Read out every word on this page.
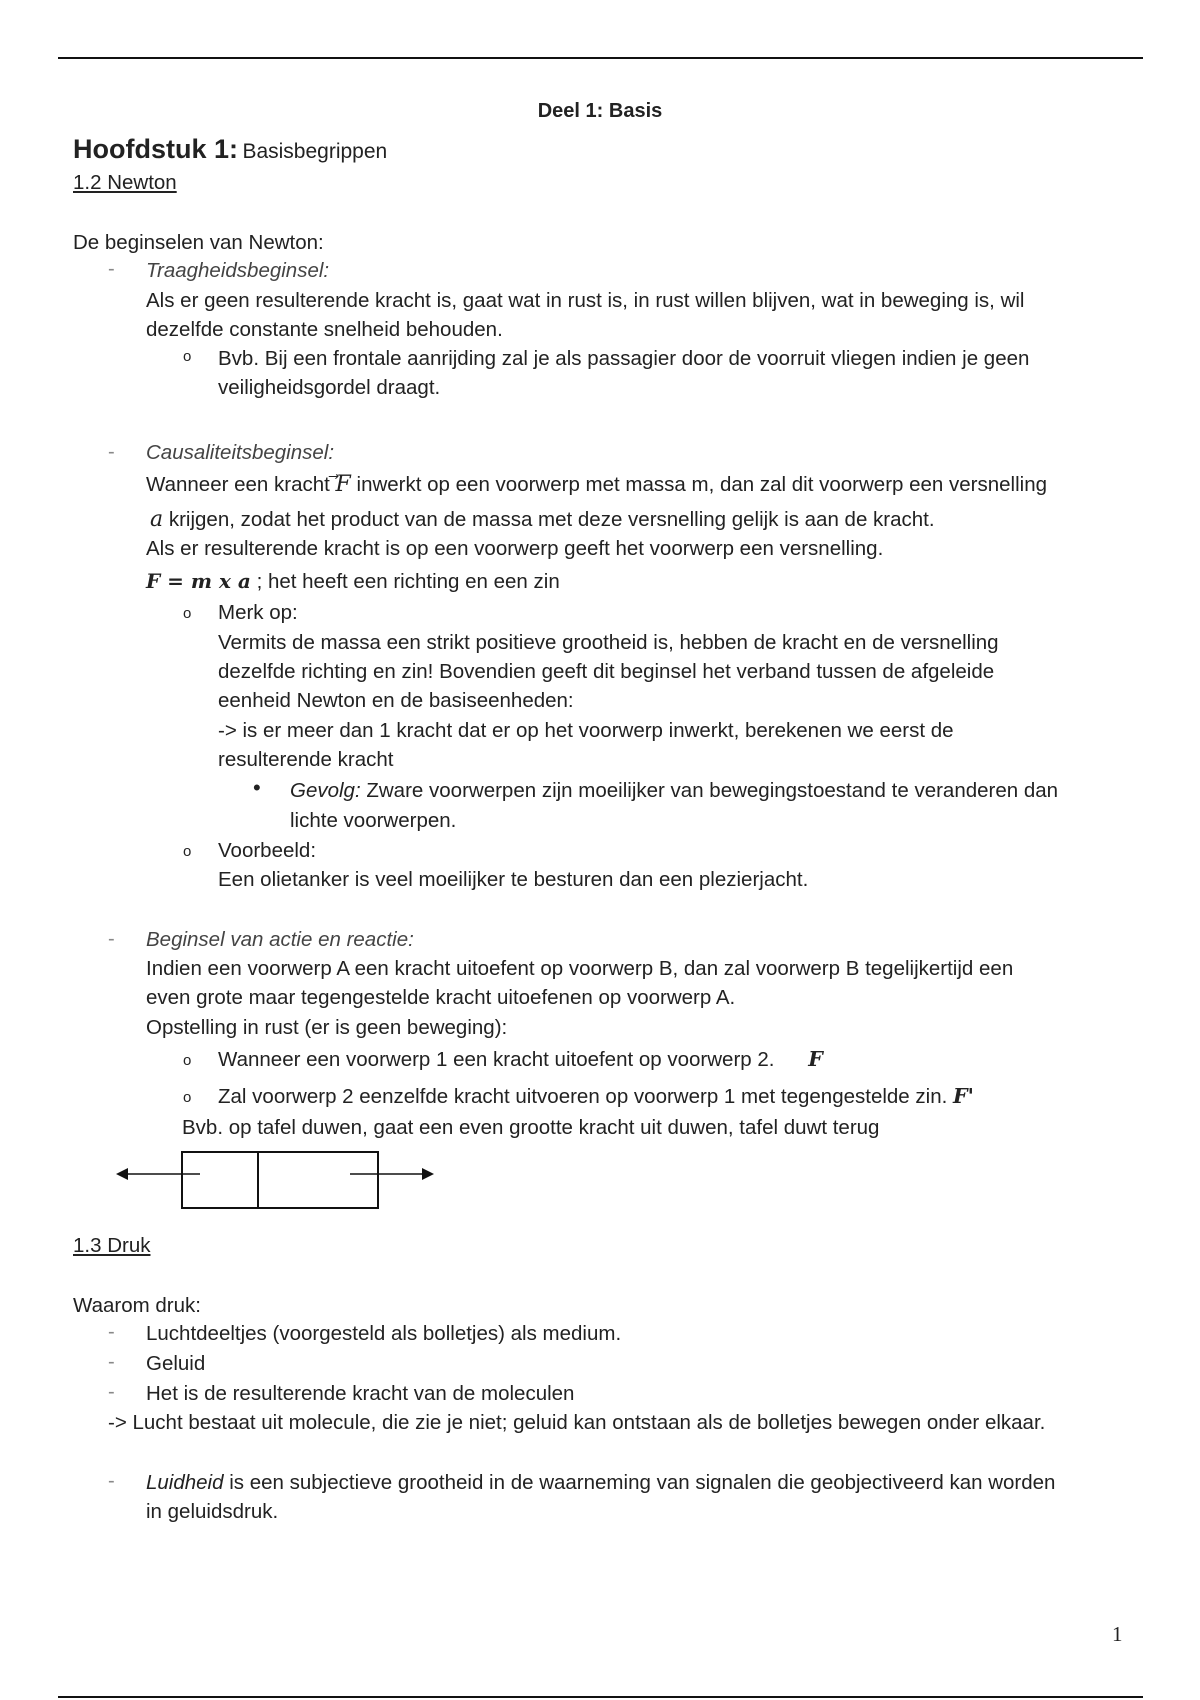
Deel 1: Basis
Hoofdstuk 1: Basisbegrippen
1.2 Newton
De beginselen van Newton:
- Traagheidsbeginsel:
Als er geen resulterende kracht is, gaat wat in rust is, in rust willen blijven, wat in beweging is, wil
dezelfde constante snelheid behouden.
o Bvb. Bij een frontale aanrijding zal je als passagier door de voorruit vliegen indien je geen
veiligheidsgordel draagt.
- Causaliteitsbeginsel:
Wanneer een kracht F inwerkt op een voorwerp met massa m, dan zal dit voorwerp een versnelling
a krijgen, zodat het product van de massa met deze versnelling gelijk is aan de kracht.
Als er resulterende kracht is op een voorwerp geeft het voorwerp een versnelling.
F = m x a ; het heeft een richting en een zin
o Merk op:
Vermits de massa een strikt positieve grootheid is, hebben de kracht en de versnelling
dezelfde richting en zin! Bovendien geeft dit beginsel het verband tussen de afgeleide
eenheid Newton en de basiseenheden:
-> is er meer dan 1 kracht dat er op het voorwerp inwerkt, berekenen we eerst de
resulterende kracht
• Gevolg: Zware voorwerpen zijn moeilijker van bewegingstoestand te veranderen dan
lichte voorwerpen.
o Voorbeeld:
Een olietanker is veel moeilijker te besturen dan een plezierjacht.
- Beginsel van actie en reactie:
Indien een voorwerp A een kracht uitoefent op voorwerp B, dan zal voorwerp B tegelijkertijd een
even grote maar tegengestelde kracht uitoefenen op voorwerp A.
Opstelling in rust (er is geen beweging):
o Wanneer een voorwerp 1 een kracht uitoefent op voorwerp 2. F
o Zal voorwerp 2 eenzelfde kracht uitvoeren op voorwerp 1 met tegengestelde zin. F'
Bvb. op tafel duwen, gaat een even grootte kracht uit duwen, tafel duwt terug
1.3 Druk
Waarom druk:
- Luchtdeeltjes (voorgesteld als bolletjes) als medium.
- Geluid
- Het is de resulterende kracht van de moleculen
-> Lucht bestaat uit molecule, die zie je niet; geluid kan ontstaan als de bolletjes bewegen onder elkaar.
- Luidheid is een subjectieve grootheid in de waarneming van signalen die geobjectiveerd kan worden
in geluidsdruk.
1
